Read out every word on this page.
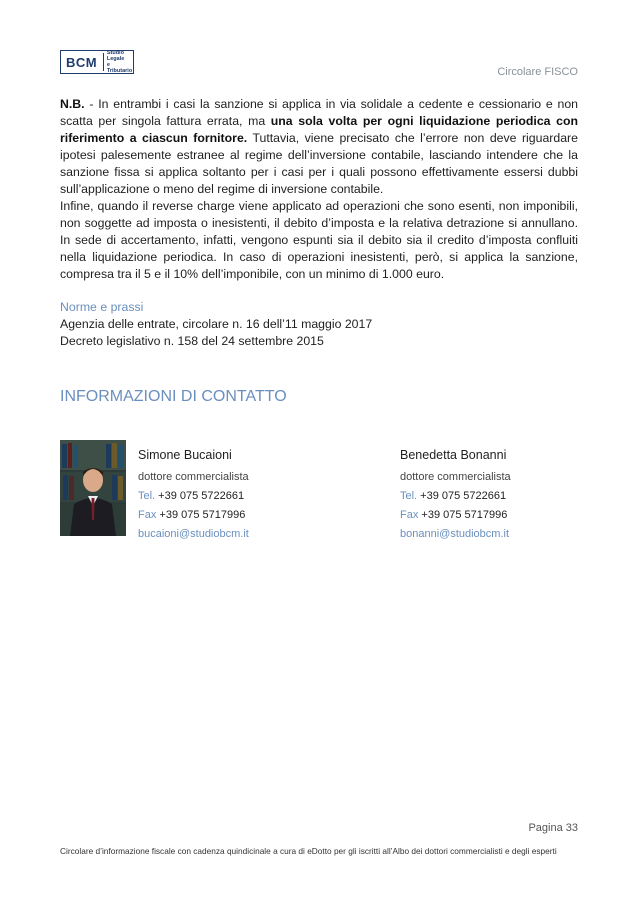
BCM
Studio Legale
e Tributario	Circolare FISCO

N.B. - In entrambi i casi la sanzione si applica in via solidale a cedente e cessionario e non scatta per singola fattura errata, ma una sola volta per ogni liquidazione periodica con riferimento a ciascun fornitore. Tuttavia, viene precisato che l’errore non deve riguardare ipotesi palesemente estranee al regime dell’inversione contabile, lasciando intendere che la sanzione fissa si applica soltanto per i casi per i quali possono effettivamente essersi dubbi sull’applicazione o meno del regime di inversione contabile.

Infine, quando il reverse charge viene applicato ad operazioni che sono esenti, non imponibili, non soggette ad imposta o inesistenti, il debito d’imposta e la relativa detrazione si annullano. In sede di accertamento, infatti, vengono espunti sia il debito sia il credito d’imposta confluiti nella liquidazione periodica. In caso di operazioni inesistenti, però, si applica la sanzione, compresa tra il 5 e il 10% dell’imponibile, con un minimo di 1.000 euro.

Norme e prassi

Agenzia delle entrate, circolare n. 16 dell’11 maggio 2017

Decreto legislativo n. 158 del 24 settembre 2015

INFORMAZIONI DI CONTATTO
Simone Bucaioni
dottore commercialista
Tel. +39 075 5722661
Fax +39 075 5717996
bucaioni@studiobcm.it
Benedetta Bonanni
dottore commercialista
Tel. +39 075 5722661
Fax +39 075 5717996
bonanni@studiobcm.it
Pagina 33
Circolare d’informazione fiscale con cadenza quindicinale a cura di eDotto per gli iscritti all’Albo dei dottori commercialisti e degli esperti
